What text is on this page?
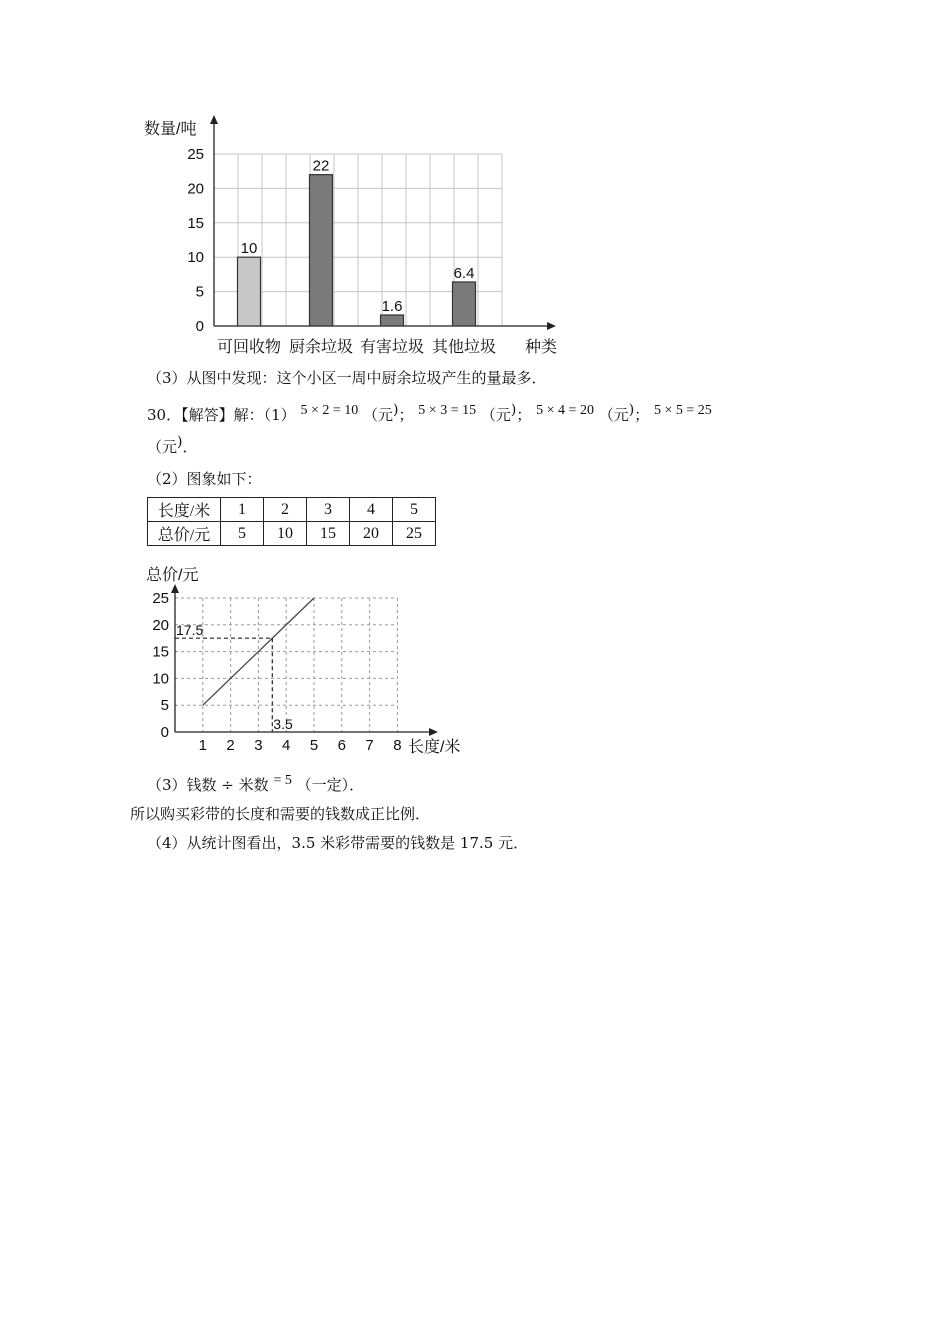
0
5
10
15
20
25
10
22
1.6
6.4
可回收物 厨余垃圾 有害垃圾 其他垃圾
数量/吨
种类
（3）从图中发现：这个小区一周中厨余垃圾产生的量最多．
30．【解答】解：（1） 5 × 2 = 10 （元)； 5 × 3 = 15 （元)； 5 × 4 = 20 （元)； 5 × 5 = 25
（元)．
（2）图象如下：
长度/米	1	2	3	4	5
总价/元	5	10	15	20	25
0
5
10
15
20
25
1 2 3 4 5 6 7 8
17.5
3.5
总价/元
长度/米
（3）钱数 ÷ 米数 = 5 （一定）．
所以购买彩带的长度和需要的钱数成正比例．
（4）从统计图看出，3.5 米彩带需要的钱数是 17.5 元．
